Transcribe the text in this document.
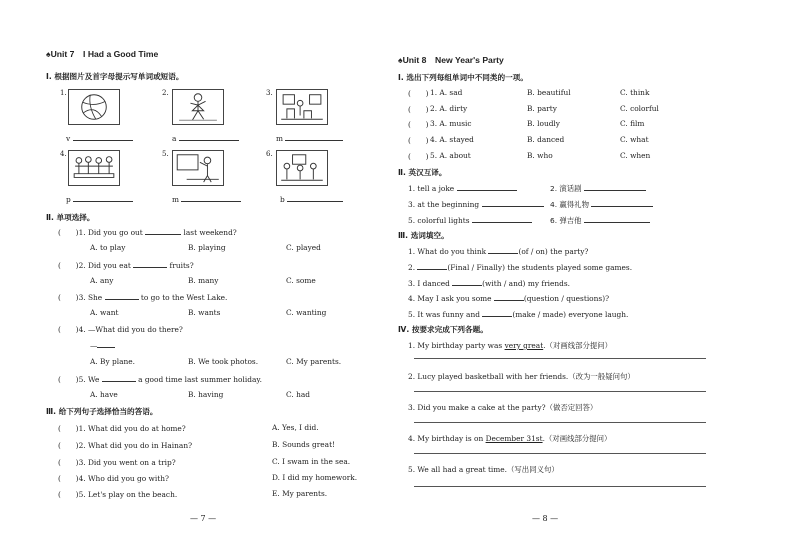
♠Unit 7　I Had a Good Time
Ⅰ. 根据图片及首字母提示写单词或短语。
1.	2.	3.
v	a	m
4.	5.	6.
p	m	b
Ⅱ. 单项选择。
(　　)1. Did you go out	last weekend?
A. to play	B. playing	C. played
(　　)2. Did you eat	fruits?
A. any	B. many	C. some
(　　)3. She	to go to the West Lake.
A. want	B. wants	C. wanting
(　　)4. —What did you do there?
—
A. By plane.	B. We took photos.	C. My parents.
(　　)5. We	a good time last summer holiday.
A. have	B. having	C. had
Ⅲ. 给下列句子选择恰当的答语。
(　　)1. What did you do at home?	A. Yes, I did.
(　　)2. What did you do in Hainan?	B. Sounds great!
(　　)3. Did you went on a trip?	C. I swam in the sea.
(　　)4. Who did you go with?	D. I did my homework.
(　　)5. Let's play on the beach.	E. My parents.
— 7 —
♠Unit 8　New Year's Party
Ⅰ. 选出下列每组单词中不同类的一项。
(　　) 1. A. sad	B. beautiful	C. think
(　　) 2. A. dirty	B. party	C. colorful
(　　) 3. A. music	B. loudly	C. film
(　　) 4. A. stayed	B. danced	C. what
(　　) 5. A. about	B. who	C. when
Ⅱ. 英汉互译。
1. tell a joke	2. 演话剧
3. at the beginning	4. 赢得礼物
5. colorful lights	6. 弹吉他
Ⅲ. 选词填空。
1. What do you think	(of / on) the party?
2.	(Final / Finally) the students played some games.
3. I danced	(with / and) my friends.
4. May I ask you some	(question / questions)?
5. It was funny and	(make / made) everyone laugh.
Ⅳ. 按要求完成下列各题。
1. My birthday party was very great.（对画线部分提问）
2. Lucy played basketball with her friends.（改为一般疑问句）
3. Did you make a cake at the party?（做否定回答）
4. My birthday is on December 31st.（对画线部分提问）
5. We all had a great time.（写出同义句）
— 8 —
